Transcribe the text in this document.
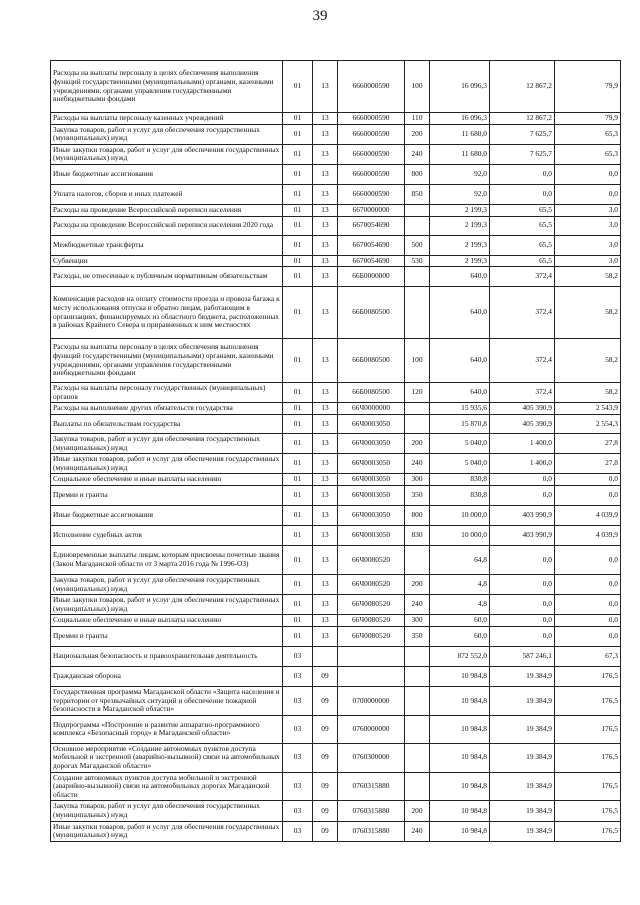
39
Расходы на выплаты персоналу в целях обеспечения выполнения функций государственными (муниципальными) органами, казенными учреждениями, органами управления государственными внебюджетными фондами	01	13	6660000590	100	16 096,3	12 867,2	79,9
Расходы на выплаты персоналу казенных учреждений	01	13	6660000590	110	16 096,3	12 867,2	79,9
Закупка товаров, работ и услуг для обеспечения государственных (муниципальных) нужд	01	13	6660000590	200	11 680,0	7 625,7	65,3
Иные закупки товаров, работ и услуг для обеспечения государственных (муниципальных) нужд	01	13	6660000590	240	11 680,0	7 625,7	65,3
Иные бюджетные ассигнования	01	13	6660000590	800	92,0	0,0	0,0
Уплата налогов, сборов и иных платежей	01	13	6660000590	850	92,0	0,0	0,0
Расходы на проведение Всероссийской переписи населения	01	13	6670000000		2 199,3	65,5	3,0
Расходы на проведение Всероссийской переписи населения 2020 года	01	13	6670054690		2 199,3	65,5	3,0
Межбюджетные трансферты	01	13	6670054690	500	2 199,3	65,5	3,0
Субвенции	01	13	6670054690	530	2 199,3	65,5	3,0
Расходы, не отнесенные к публичным нормативным обязательствам	01	13	66Б0000000		640,0	372,4	58,2
Компенсация расходов на оплату стоимости проезда и провоза багажа к месту использования отпуска и обратно лицам, работающим в организациях, финансируемых из областного бюджета, расположенных в районах Крайнего Севера и приравненных к ним местностях	01	13	66Б0080500		640,0	372,4	58,2
Расходы на выплаты персоналу в целях обеспечения выполнения функций государственными (муниципальными) органами, казенными учреждениями, органами управления государственными внебюджетными фондами	01	13	66Б0080500	100	640,0	372,4	58,2
Расходы на выплаты персоналу государственных (муниципальных) органов	01	13	66Б0080500	120	640,0	372,4	58,2
Расходы на выполнение других обязательств государства	01	13	66Ч0000000		15 935,6	405 390,9	2 543,9
Выплаты по обязательствам государства	01	13	66Ч0003050		15 870,8	405 390,9	2 554,3
Закупка товаров, работ и услуг для обеспечения государственных (муниципальных) нужд	01	13	66Ч0003050	200	5 040,0	1 400,0	27,8
Иные закупки товаров, работ и услуг для обеспечения государственных (муниципальных) нужд	01	13	66Ч0003050	240	5 040,0	1 400,0	27,8
Социальное обеспечение и иные выплаты населению	01	13	66Ч0003050	300	830,8	0,0	0,0
Премии и гранты	01	13	66Ч0003050	350	830,8	0,0	0,0
Иные бюджетные ассигнования	01	13	66Ч0003050	800	10 000,0	403 990,9	4 039,9
Исполнение судебных актов	01	13	66Ч0003050	830	10 000,0	403 990,9	4 039,9
Единовременные выплаты лицам, которым присвоены почетные звания (Закон Магаданской области от 3 марта 2016 года № 1996-ОЗ)	01	13	66Ч0080520		64,8	0,0	0,0
Закупка товаров, работ и услуг для обеспечения государственных (муниципальных) нужд	01	13	66Ч0080520	200	4,8	0,0	0,0
Иные закупки товаров, работ и услуг для обеспечения государственных (муниципальных) нужд	01	13	66Ч0080520	240	4,8	0,0	0,0
Социальное обеспечение и иные выплаты населению	01	13	66Ч0080520	300	60,0	0,0	0,0
Премии и гранты	01	13	66Ч0080520	350	60,0	0,0	0,0
Национальная безопасность и правоохранительная деятельность	03				872 552,0	587 246,1	67,3
Гражданская оборона	03	09			10 984,8	19 384,9	176,5
Государственная программа Магаданской области «Защита населения и территории от чрезвычайных ситуаций и обеспечение пожарной безопасности в Магаданской области»	03	09	0700000000		10 984,8	19 384,9	176,5
Подпрограмма «Построение и развитие аппаратно-программного комплекса «Безопасный город» в Магаданской области»	03	09	0760000000		10 984,8	19 384,9	176,5
Основное мероприятие «Создание автономных пунктов доступа мобильной и экстренной (аварийно-вызывной) связи на автомобильных дорогах Магаданской области»	03	09	0760300000		10 984,8	19 384,9	176,5
Создание автономных пунктов доступа мобильной и экстренной (аварийно-вызывной) связи на автомобильных дорогах Магаданской области	03	09	0760315880		10 984,8	19 384,9	176,5
Закупка товаров, работ и услуг для обеспечения государственных (муниципальных) нужд	03	09	0760315880	200	10 984,8	19 384,9	176,5
Иные закупки товаров, работ и услуг для обеспечения государственных (муниципальных) нужд	03	09	0760315880	240	10 984,8	19 384,9	176,5
